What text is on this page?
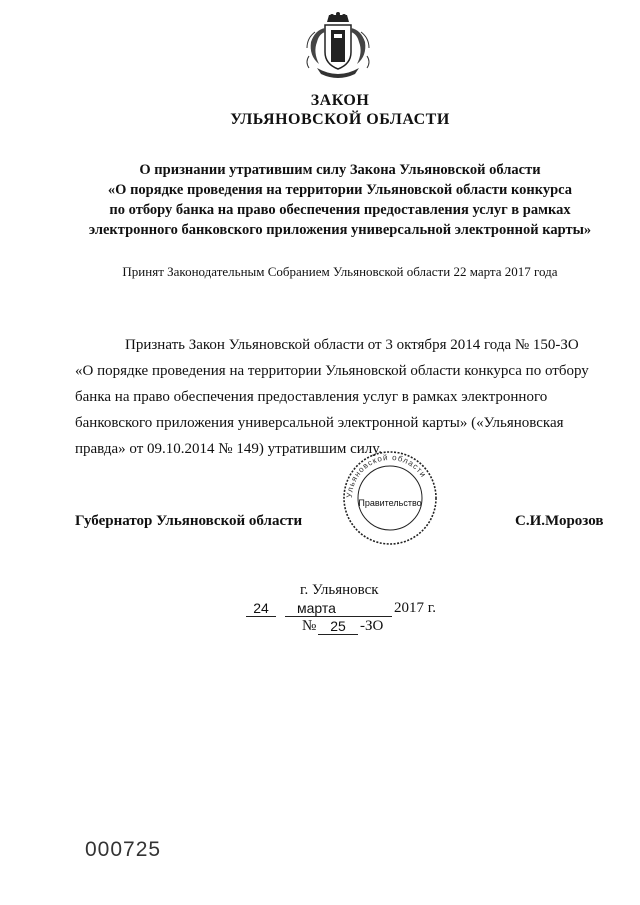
ЗАКОН
УЛЬЯНОВСКОЙ ОБЛАСТИ
О признании утратившим силу Закона Ульяновской области
«О порядке проведения на территории Ульяновской области конкурса
по отбору банка на право обеспечения предоставления услуг в рамках
электронного банковского приложения универсальной электронной карты»
Принят Законодательным Собранием Ульяновской области 22 марта 2017 года
Признать Закон Ульяновской области от 3 октября 2014 года № 150-ЗО
«О порядке проведения на территории Ульяновской области конкурса по отбору
банка на право обеспечения предоставления услуг в рамках электронного
банковского приложения универсальной электронной карты» («Ульяновская
правда» от 09.10.2014 № 149) утратившим силу.
Ульяновской области
Правительство
Губернатор Ульяновской области	С.И.Морозов
г. Ульяновск
24	марта	2017 г.
№ 25 -ЗО
000725
